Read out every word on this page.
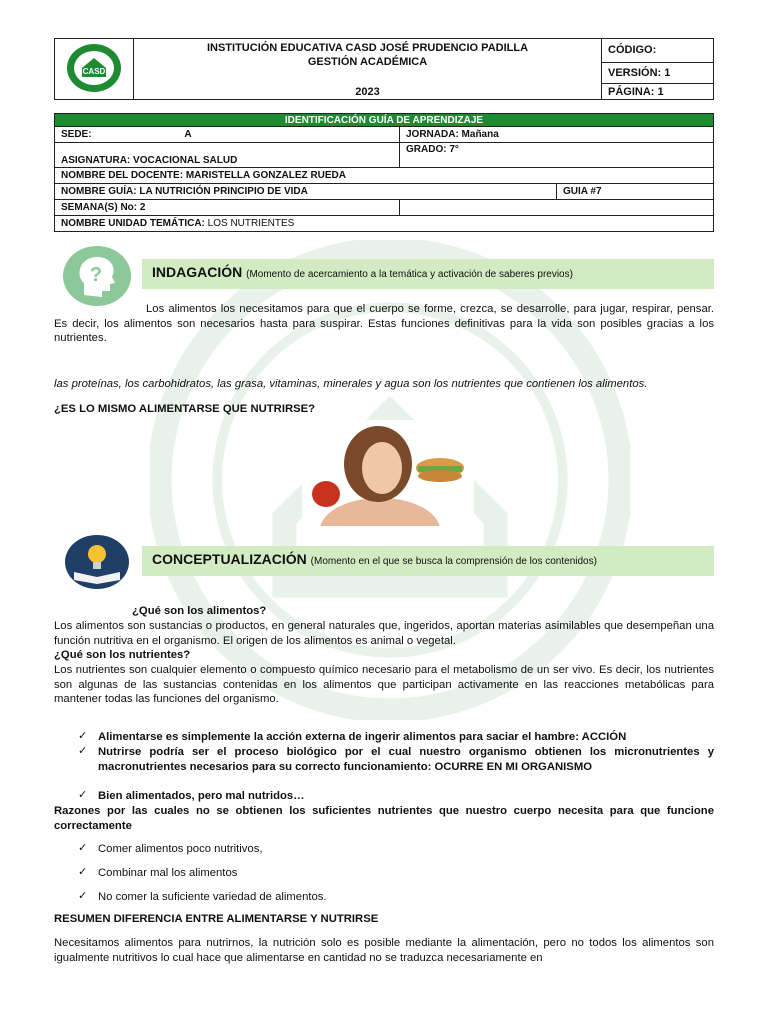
CASD

INSTITUCIÓN EDUCATIVA CASD JOSÉ PRUDENCIO PADILLA
GESTIÓN ACADÉMICA
2023
	CÓDIGO:
VERSIÓN: 1
PÁGINA: 1
IDENTIFICACIÓN GUÍA DE APRENDIZAJE		
SEDE: A	JORNADA: Mañana	
ASIGNATURA: VOCACIONAL SALUD	GRADO: 7°	
NOMBRE DEL DOCENTE: MARISTELLA GONZALEZ RUEDA		
NOMBRE GUÍA: LA NUTRICIÓN PRINCIPIO DE VIDA		GUIA #7
SEMANA(S) No: 2		
NOMBRE UNIDAD TEMÁTICA: LOS NUTRIENTES		
?	INDAGACIÓN (Momento de acercamiento a la temática y activación de saberes previos)
Los alimentos los necesitamos para que el cuerpo se forme, crezca, se desarrolle, para jugar, respirar, pensar. Es decir, los alimentos son necesarios hasta para suspirar. Estas funciones definitivas para la vida son posibles gracias a los nutrientes.
las proteínas, los carbohidratos, las grasa, vitaminas, minerales y agua son los nutrientes que contienen los alimentos.
¿ES LO MISMO ALIMENTARSE QUE NUTRIRSE?
CONCEPTUALIZACIÓN (Momento en el que se busca la comprensión de los contenidos)
¿Qué son los alimentos?
Los alimentos son sustancias o productos, en general naturales que, ingeridos, aportan materias asimilables que desempeñan una función nutritiva en el organismo. El origen de los alimentos es animal o vegetal.
¿Qué son los nutrientes?
Los nutrientes son cualquier elemento o compuesto químico necesario para el metabolismo de un ser vivo. Es decir, los nutrientes son algunas de las sustancias contenidas en los alimentos que participan activamente en las reacciones metabólicas para mantener todas las funciones del organismo.
✓ Alimentarse es simplemente la acción externa de ingerir alimentos para saciar el hambre: ACCIÓN
✓ Nutrirse podría ser el proceso biológico por el cual nuestro organismo obtienen los micronutrientes y macronutrientes necesarios para su correcto funcionamiento: OCURRE EN MI ORGANISMO
✓ Bien alimentados, pero mal nutridos…
Razones por las cuales no se obtienen los suficientes nutrientes que nuestro cuerpo necesita para que funcione correctamente
✓ Comer alimentos poco nutritivos,
✓ Combinar mal los alimentos
✓ No comer la suficiente variedad de alimentos.
RESUMEN DIFERENCIA ENTRE ALIMENTARSE Y NUTRIRSE
Necesitamos alimentos para nutrirnos, la nutrición solo es posible mediante la alimentación, pero no todos los alimentos son igualmente nutritivos lo cual hace que alimentarse en cantidad no se traduzca necesariamente en
